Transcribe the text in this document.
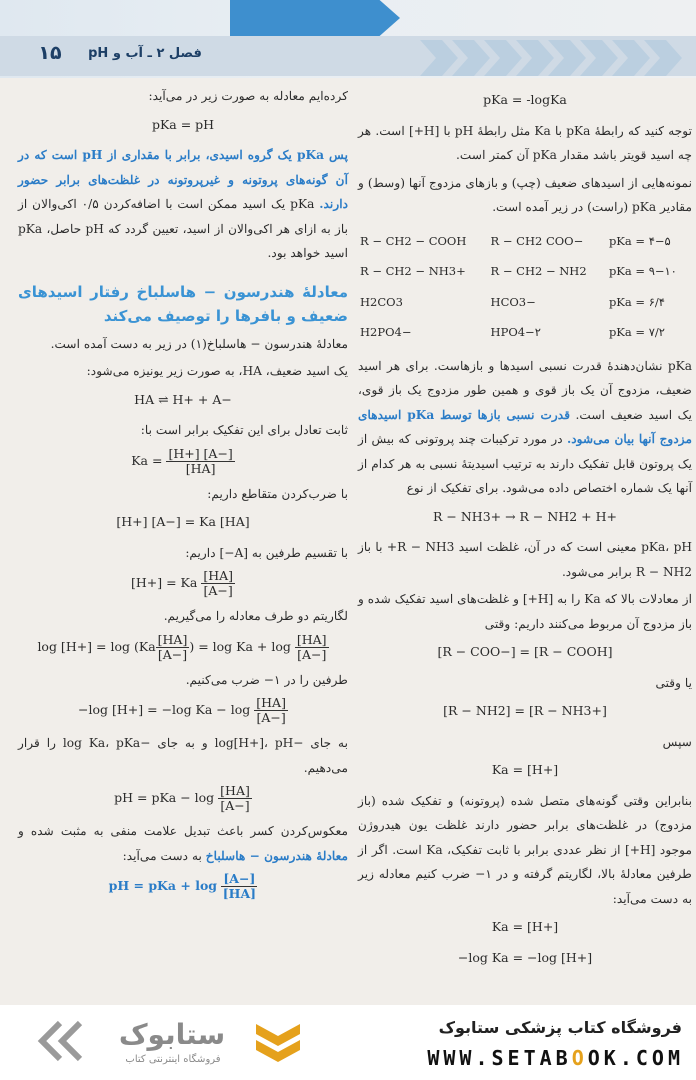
۱۵	فصل ۲ ـ آب و pH
pKa = -logKa
توجه کنید که رابطهٔ pKa با Ka مثل رابطهٔ pH با [H+] است. هر چه اسید قویتر باشد مقدار pKa آن کمتر است.
نمونه‌هایی از اسیدهای ضعیف (چپ) و بازهای مزدوج آنها (وسط) و مقادیر pKa (راست) در زیر آمده است.
R − CH2 − COOH	R − CH2 COO−	pKa = ۴−۵
R − CH2 − NH3+	R − CH2 − NH2	pKa = ۹−۱۰
H2CO3	HCO3−	pKa = ۶/۴
H2PO4−	HPO4−۲	pKa = ۷/۲
pKa نشان‌دهندهٔ قدرت نسبی اسیدها و بازهاست. برای هر اسید ضعیف، مزدوج آن یک باز قوی و همین طور مزدوج یک باز قوی، یک اسید ضعیف است. قدرت نسبی بازها توسط pKa اسیدهای مزدوج آنها بیان می‌شود. در مورد ترکیبات چند پروتونی که بیش از یک پروتون قابل تفکیک دارند به ترتیب اسیدیتهٔ نسبی به هر کدام از آنها یک شماره اختصاص داده می‌شود. برای تفکیک از نوع
R − NH3+ → R − NH2 + H+
pKa، pH معینی است که در آن، غلظت اسید R − NH3+ با باز R − NH2 برابر می‌شود.
از معادلات بالا که Ka را به [H+] و غلظت‌های اسید تفکیک شده و باز مزدوج آن مربوط می‌کنند داریم: وقتی
[R − COO−] = [R − COOH]
یا وقتی
[R − NH2] = [R − NH3+]
سپس
Ka = [H+]
بنابراین وقتی گونه‌های متصل شده (پروتونه) و تفکیک شده (باز مزدوج) در غلظت‌های برابر حضور دارند غلظت یون هیدروژن موجود [H+] از نظر عددی برابر با ثابت تفکیک، Ka است. اگر از طرفین معادلهٔ بالا، لگاریتم گرفته و در ۱− ضرب کنیم معادله زیر به دست می‌آید:
Ka = [H+]
−log Ka = −log [H+]
کرده‌ایم معادله به صورت زیر در می‌آید:
pKa = pH
پس pKa یک گروه اسیدی، برابر با مقداری از pH است که در آن گونه‌های پروتونه و غیرپروتونه در غلظت‌های برابر حضور دارند. pKa یک اسید ممکن است با اضافه‌کردن ۰/۵ اکی‌والان از باز به ازای هر اکی‌والان از اسید، تعیین گردد که pH حاصل، pKa اسید خواهد بود.
معادلهٔ هندرسون − هاسلباخ رفتار اسیدهای ضعیف و بافرها را توصیف می‌کند
معادلهٔ هندرسون − هاسلباخ(۱) در زیر به دست آمده است.
یک اسید ضعیف، HA، به صورت زیر یونیزه می‌شود:
HA ⇌ H+ + A−
ثابت تعادل برای این تفکیک برابر است با:
$Ka = \frac{[H+] [A-]}{[HA]}$
با ضرب‌کردن متقاطع داریم:
[H+] [A−] = Ka [HA]
با تقسیم طرفین به [A−] داریم:
[H+] = Ka $\frac{[HA]}{[A-]}$
لگاریتم دو طرف معادله را می‌گیریم.
$\log [H+] = \log (Ka \frac{[HA]}{[A-]}$ ) = $\log Ka + \log \frac{[HA]}{[A-]}$
طرفین را در ۱− ضرب می‌کنیم.
−log [H+] = −log $Ka - \log \frac{[HA]}{[A-]}$
به جای −log[H+]، pH و به جای −log Ka، pKa را قرار می‌دهیم.
pH = pKa − $\log \frac{[HA]}{[A-]}$
معکوس‌کردن کسر باعث تبدیل علامت منفی به مثبت شده و معادلهٔ هندرسون − هاسلباخ به دست می‌آید:
pH = pKa + $\log \frac{[A-]}{[HA]}$
ستابوک
فروشگاه اینترنتی کتاب
فروشگاه کتاب پزشکی ستابوک
WWW.SETABOOK.COM
